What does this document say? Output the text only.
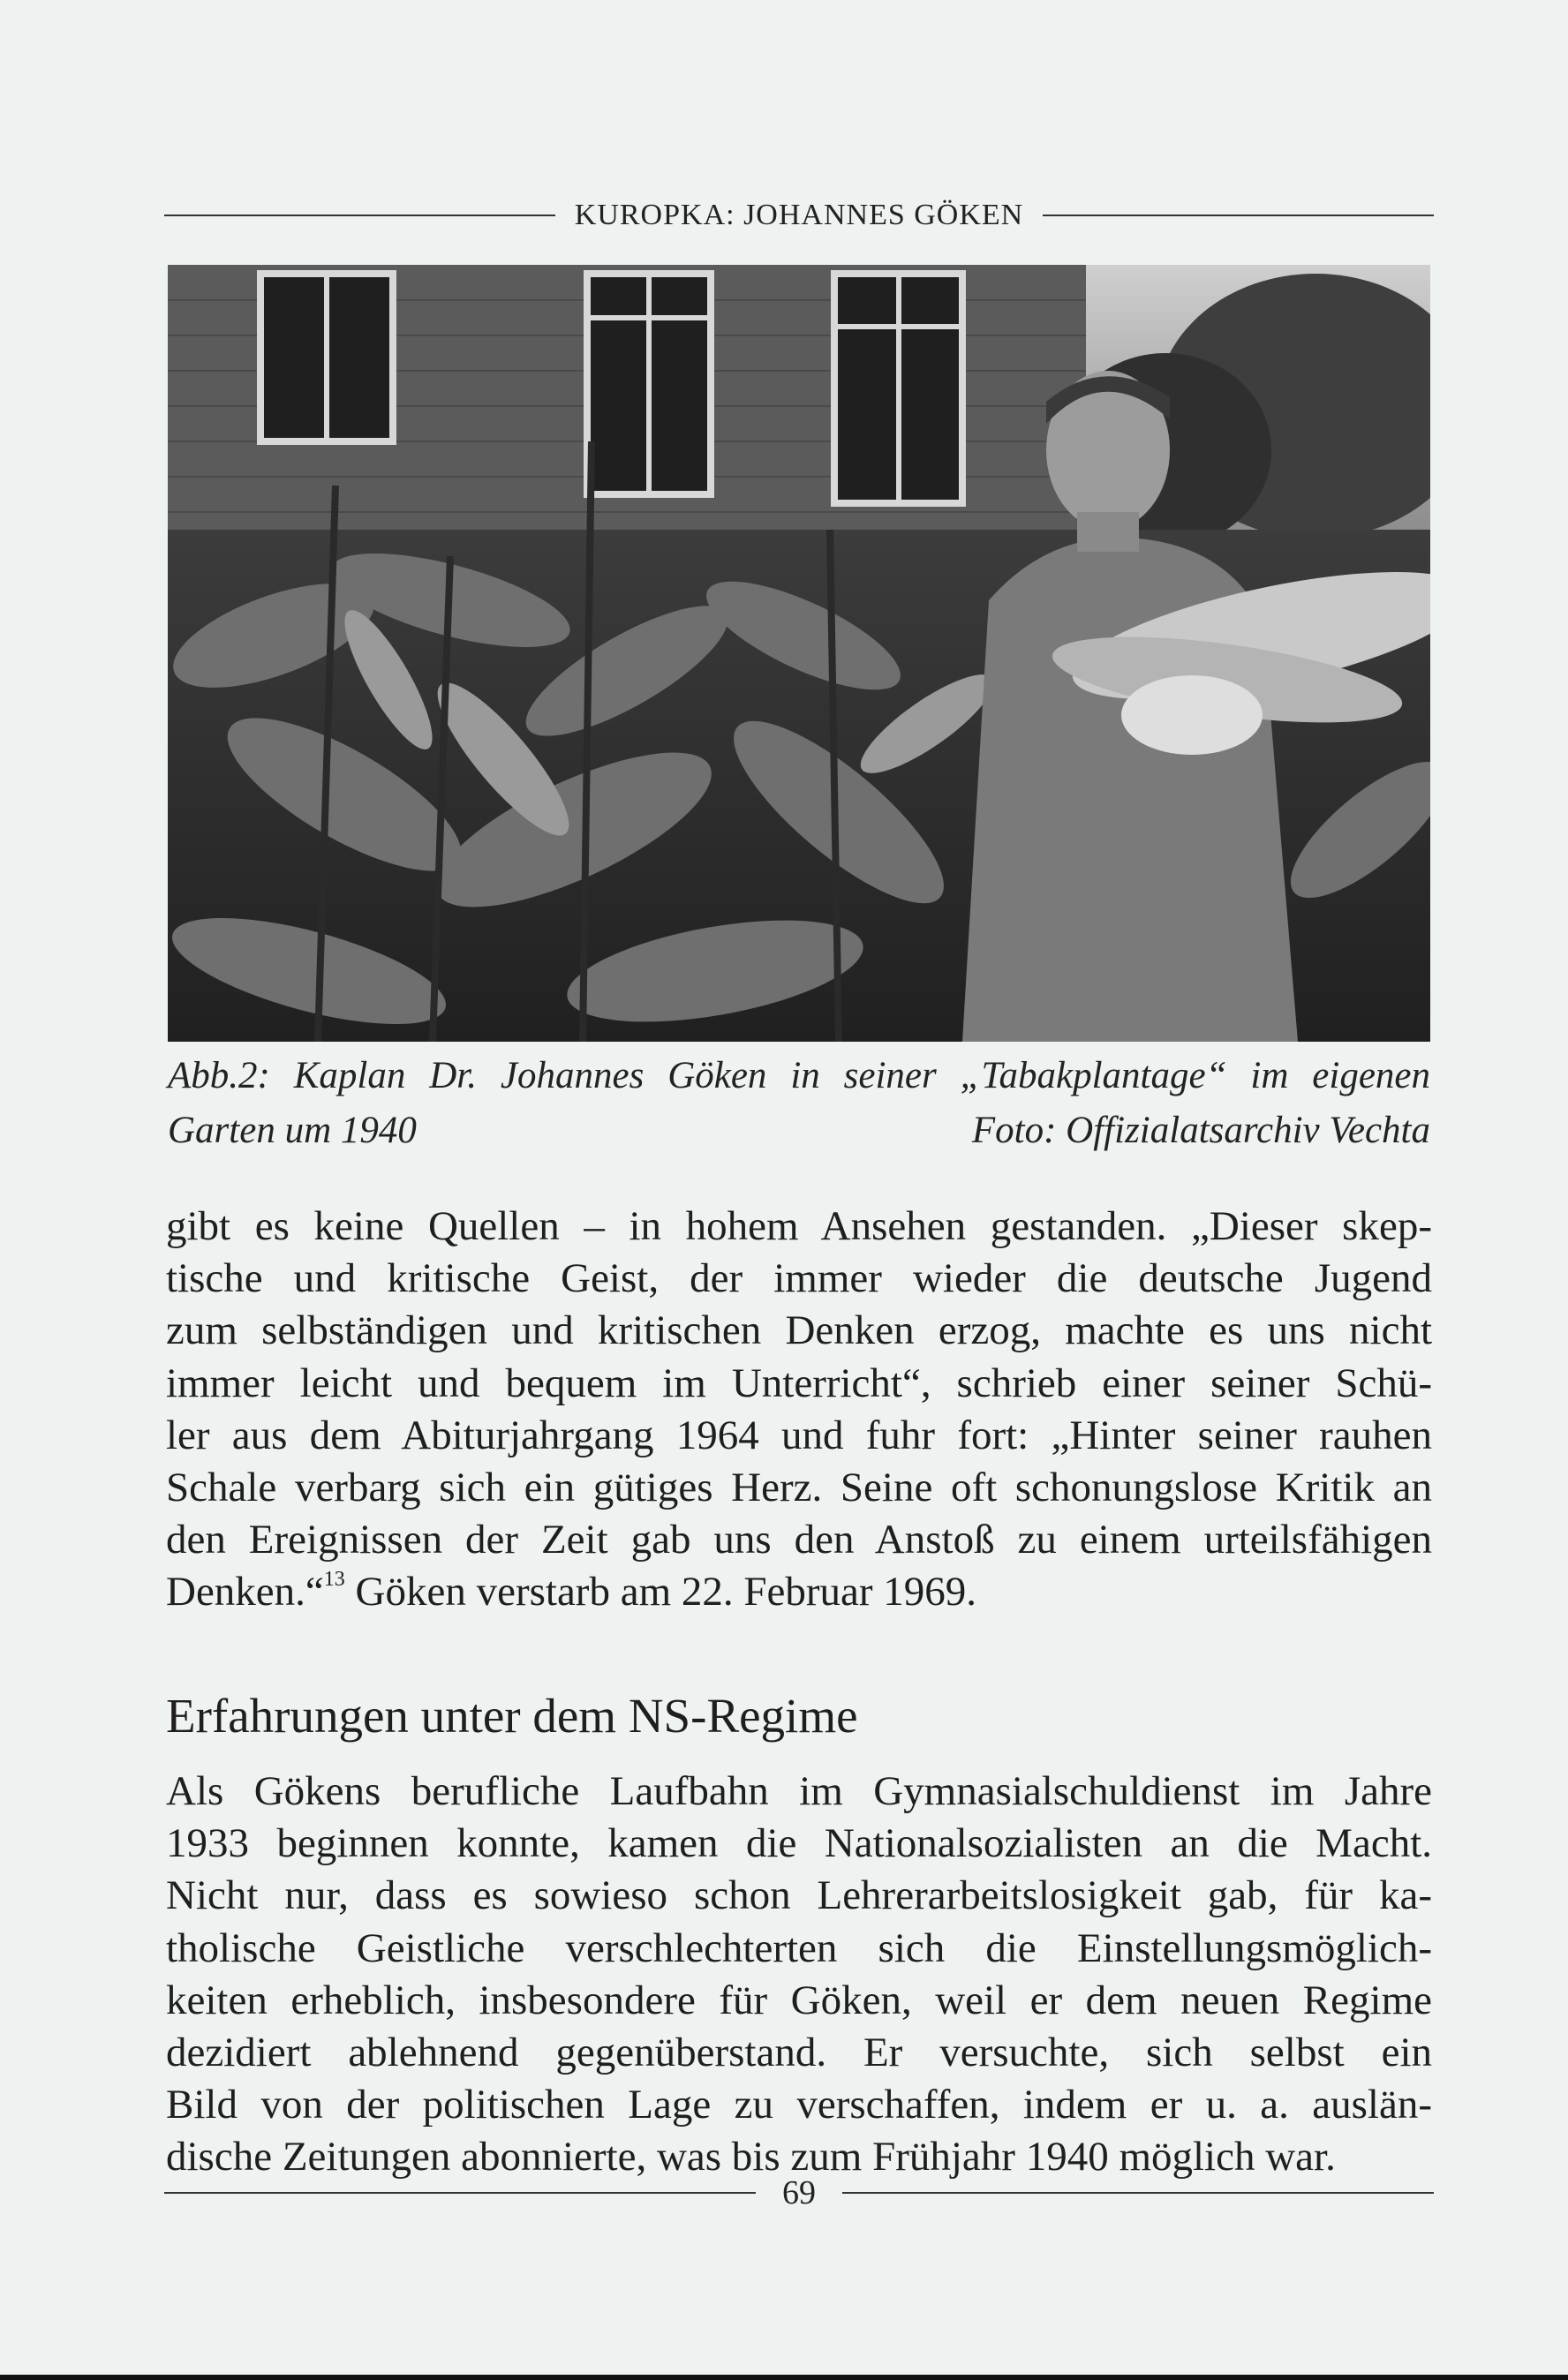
KUROPKA: JOHANNES GÖKEN
Abb.2: Kaplan Dr. Johannes Göken in seiner „Tabakplantage“ im eigenen
Garten um 1940	Foto: Offizialatsarchiv Vechta
gibt es keine Quellen – in hohem Ansehen gestanden. „Dieser skep-
tische und kritische Geist, der immer wieder die deutsche Jugend
zum selbständigen und kritischen Denken erzog, machte es uns nicht
immer leicht und bequem im Unterricht“, schrieb einer seiner Schü-
ler aus dem Abiturjahrgang 1964 und fuhr fort: „Hinter seiner rauhen
Schale verbarg sich ein gütiges Herz. Seine oft schonungslose Kritik an
den Ereignissen der Zeit gab uns den Anstoß zu einem urteilsfähigen
Denken.“$^{13}$ Göken verstarb am 22. Februar 1969.
Erfahrungen unter dem NS-Regime
Als Gökens berufliche Laufbahn im Gymnasialschuldienst im Jahre
1933 beginnen konnte, kamen die Nationalsozialisten an die Macht.
Nicht nur, dass es sowieso schon Lehrerarbeitslosigkeit gab, für ka-
tholische Geistliche verschlechterten sich die Einstellungsmöglich-
keiten erheblich, insbesondere für Göken, weil er dem neuen Regime
dezidiert ablehnend gegenüberstand. Er versuchte, sich selbst ein
Bild von der politischen Lage zu verschaffen, indem er u. a. auslän-
dische Zeitungen abonnierte, was bis zum Frühjahr 1940 möglich war.
69
